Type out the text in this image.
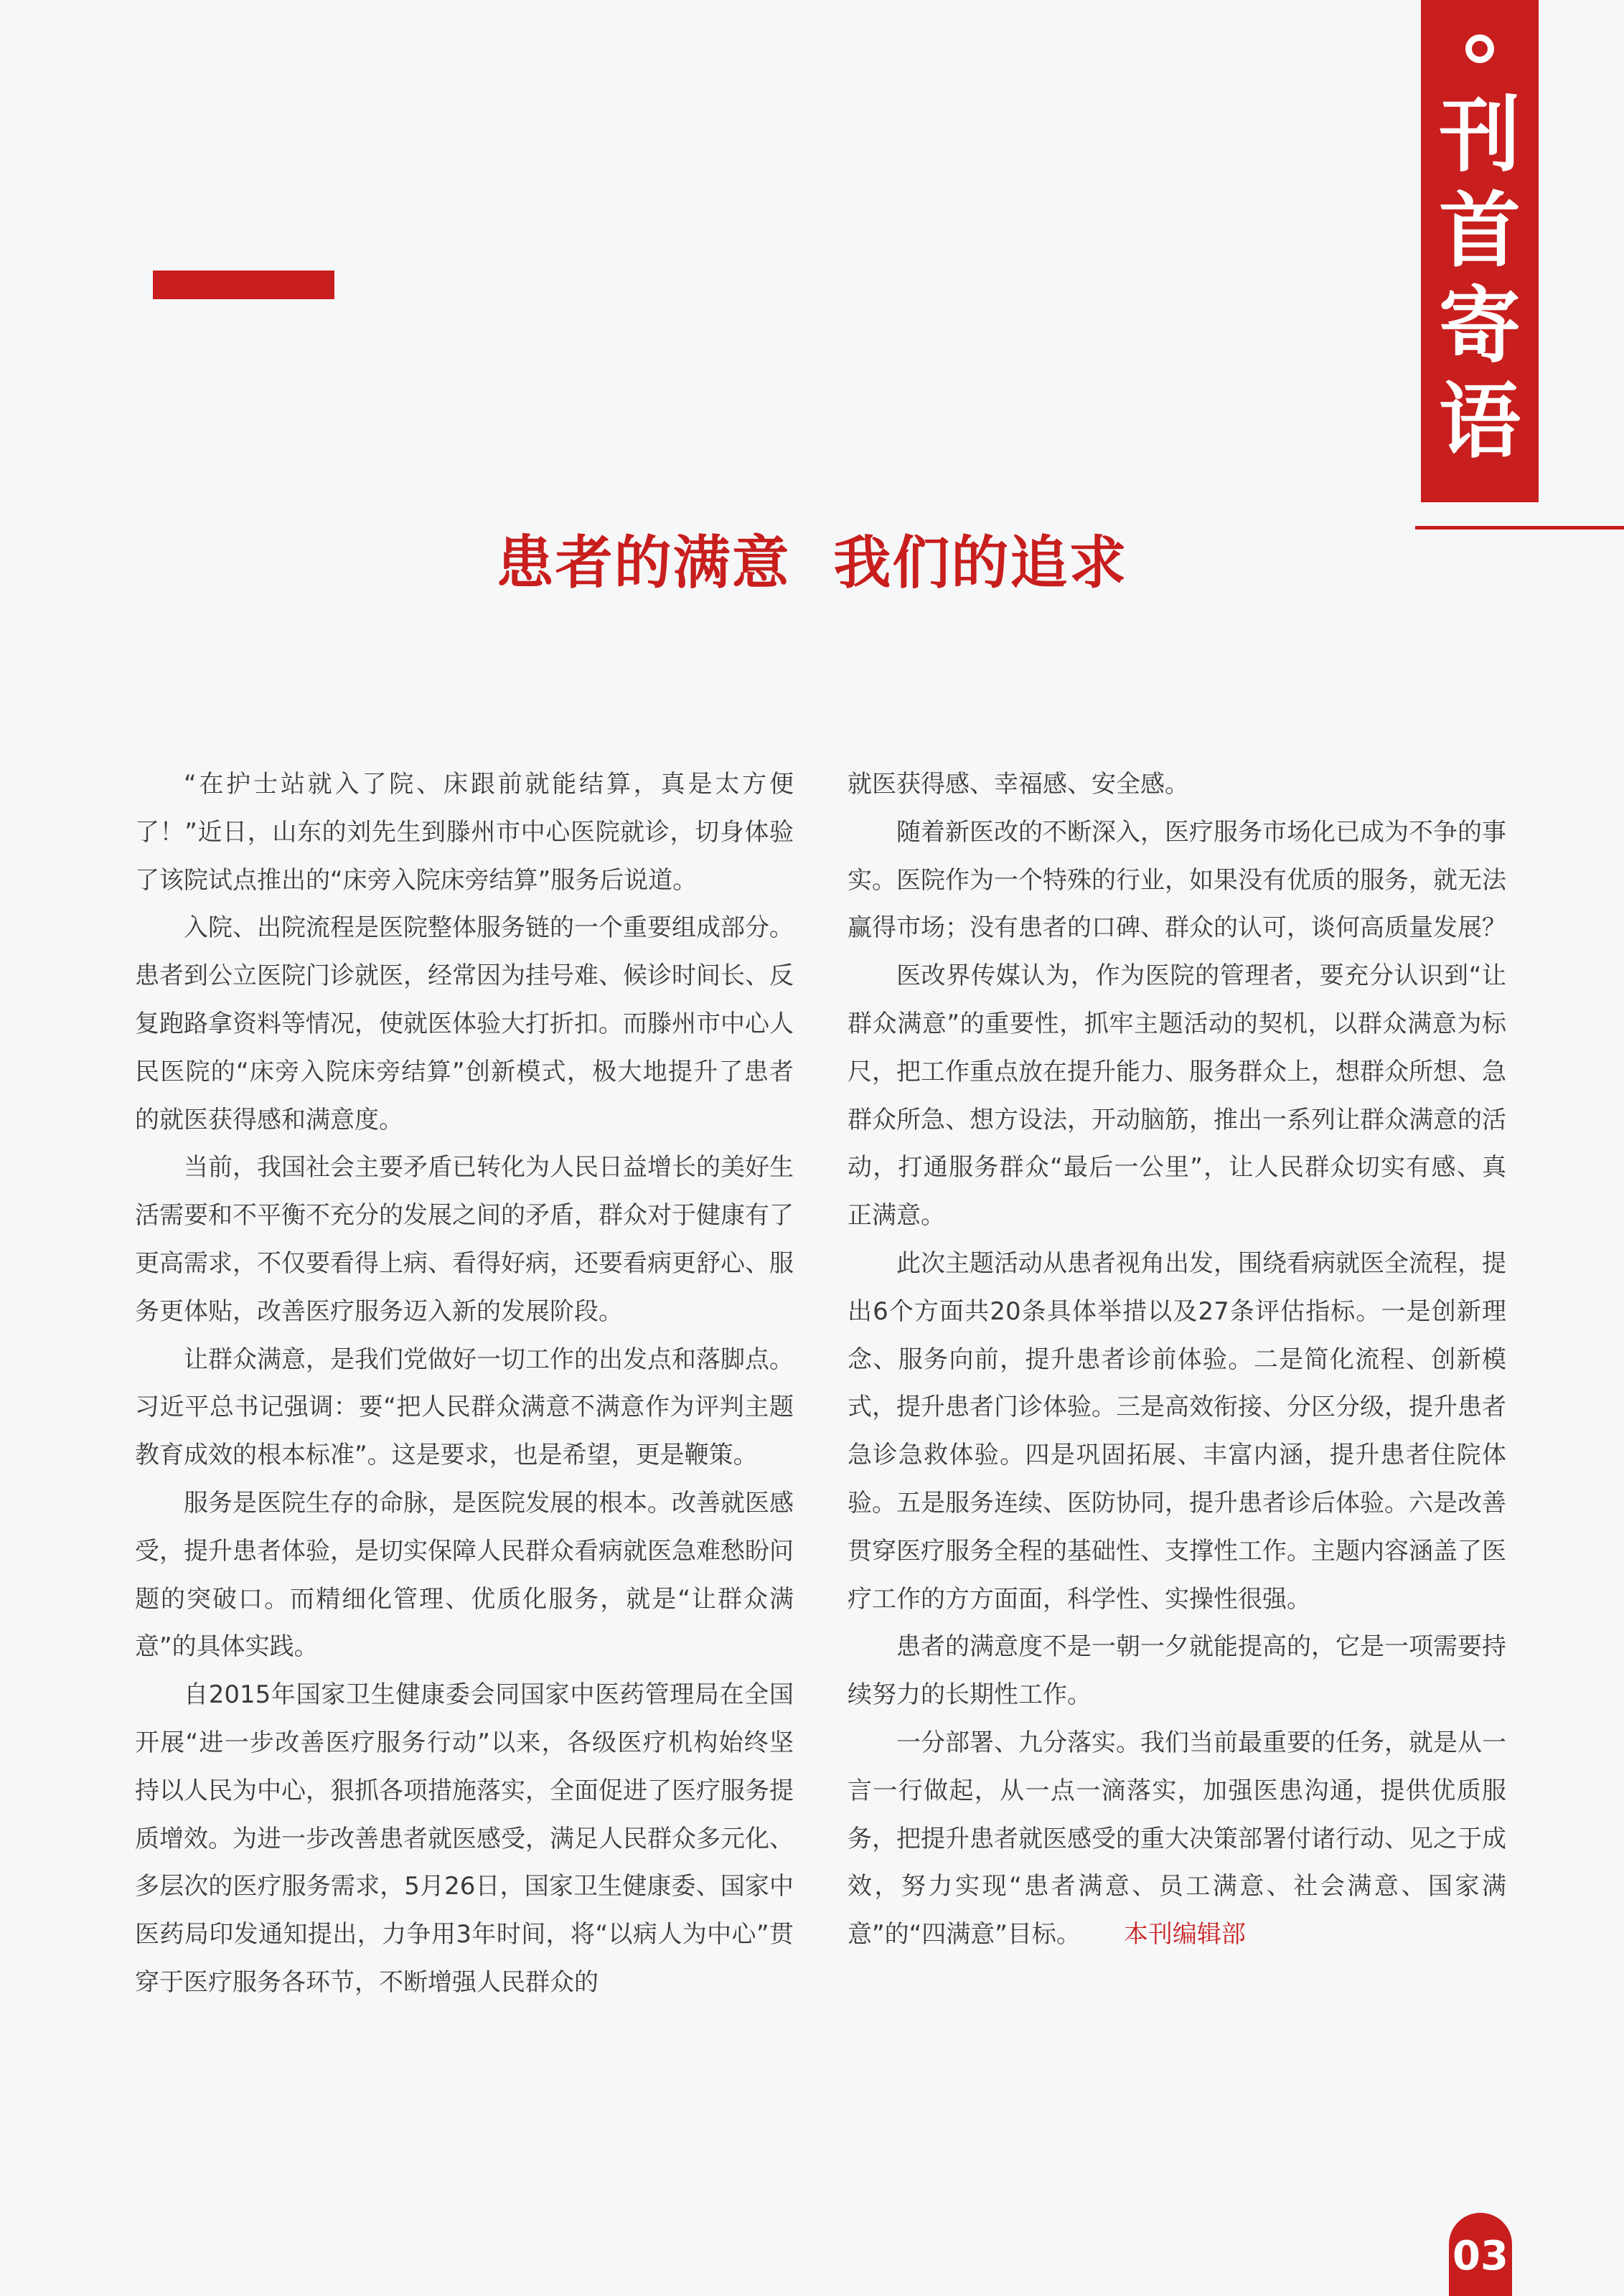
刊
首
寄
语
患者的满意  我们的追求

“在护士站就入了院、床跟前就能结算，真是太方便了！”近日，山东的刘先生到滕州市中心医院就诊，切身体验了该院试点推出的“床旁入院床旁结算”服务后说道。

入院、出院流程是医院整体服务链的一个重要组成部分。患者到公立医院门诊就医，经常因为挂号难、候诊时间长、反复跑路拿资料等情况，使就医体验大打折扣。而滕州市中心人民医院的“床旁入院床旁结算”创新模式，极大地提升了患者的就医获得感和满意度。

当前，我国社会主要矛盾已转化为人民日益增长的美好生活需要和不平衡不充分的发展之间的矛盾，群众对于健康有了更高需求，不仅要看得上病、看得好病，还要看病更舒心、服务更体贴，改善医疗服务迈入新的发展阶段。

让群众满意，是我们党做好一切工作的出发点和落脚点。习近平总书记强调：要“把人民群众满意不满意作为评判主题教育成效的根本标准”。这是要求，也是希望，更是鞭策。

服务是医院生存的命脉，是医院发展的根本。改善就医感受，提升患者体验，是切实保障人民群众看病就医急难愁盼问题的突破口。而精细化管理、优质化服务，就是“让群众满意”的具体实践。

自2015年国家卫生健康委会同国家中医药管理局在全国开展“进一步改善医疗服务行动”以来，各级医疗机构始终坚持以人民为中心，狠抓各项措施落实，全面促进了医疗服务提质增效。为进一步改善患者就医感受，满足人民群众多元化、多层次的医疗服务需求，5月26日，国家卫生健康委、国家中医药局印发通知提出，力争用3年时间，将“以病人为中心”贯穿于医疗服务各环节，不断增强人民群众的

就医获得感、幸福感、安全感。

随着新医改的不断深入，医疗服务市场化已成为不争的事实。医院作为一个特殊的行业，如果没有优质的服务，就无法赢得市场；没有患者的口碑、群众的认可，谈何高质量发展？

医改界传媒认为，作为医院的管理者，要充分认识到“让群众满意”的重要性，抓牢主题活动的契机，以群众满意为标尺，把工作重点放在提升能力、服务群众上，想群众所想、急群众所急、想方设法，开动脑筋，推出一系列让群众满意的活动，打通服务群众“最后一公里”，让人民群众切实有感、真正满意。

此次主题活动从患者视角出发，围绕看病就医全流程，提出6个方面共20条具体举措以及27条评估指标。一是创新理念、服务向前，提升患者诊前体验。二是简化流程、创新模式，提升患者门诊体验。三是高效衔接、分区分级，提升患者急诊急救体验。四是巩固拓展、丰富内涵，提升患者住院体验。五是服务连续、医防协同，提升患者诊后体验。六是改善贯穿医疗服务全程的基础性、支撑性工作。主题内容涵盖了医疗工作的方方面面，科学性、实操性很强。

患者的满意度不是一朝一夕就能提高的，它是一项需要持续努力的长期性工作。

一分部署、九分落实。我们当前最重要的任务，就是从一言一行做起，从一点一滴落实，加强医患沟通，提供优质服务，把提升患者就医感受的重大决策部署付诸行动、见之于成效，努力实现“患者满意、员工满意、社会满意、国家满意”的“四满意”目标。 本刊编辑部

03
